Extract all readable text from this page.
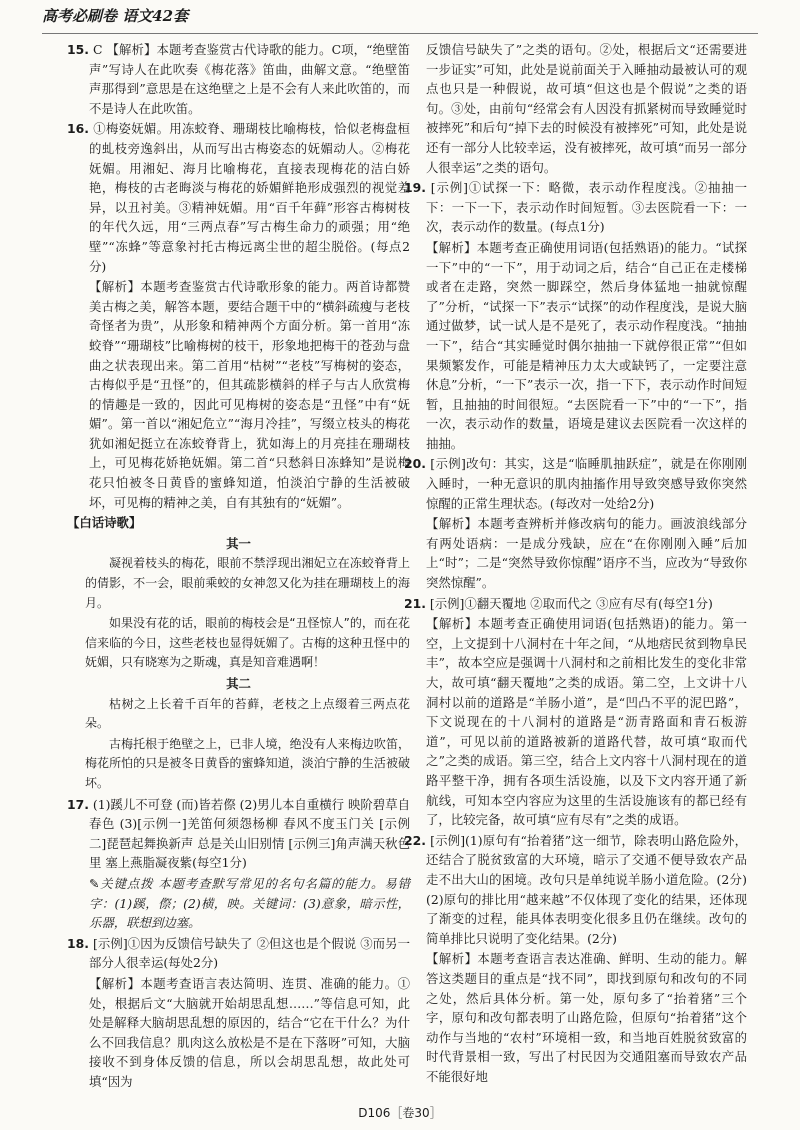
高考必刷卷 语文42套

15. C 【解析】本题考查鉴赏古代诗歌的能力。C项，“绝壁笛声”写诗人在此吹奏《梅花落》笛曲，曲解文意。“绝壁笛声那得到”意思是在这绝壁之上是不会有人来此吹笛的，而不是诗人在此吹笛。

16. ①梅姿妩媚。用冻蛟脊、珊瑚枝比喻梅枝，恰似老梅盘桓的虬枝旁逸斜出，从而写出古梅姿态的妩媚动人。②梅花妩媚。用湘妃、海月比喻梅花，直接表现梅花的洁白娇艳，梅枝的古老晦淡与梅花的娇媚鲜艳形成强烈的视觉差异，以丑衬美。③精神妩媚。用“百千年藓”形容古梅树枝的年代久远，用“三两点春”写古梅生命力的顽强；用“绝壁”“冻蜂”等意象衬托古梅远离尘世的超尘脱俗。(每点2分)

【解析】本题考查鉴赏古代诗歌形象的能力。两首诗都赞美古梅之美，解答本题，要结合题干中的“横斜疏瘦与老枝奇怪者为贵”，从形象和精神两个方面分析。第一首用“冻蛟脊”“珊瑚枝”比喻梅树的枝干，形象地把梅干的苍劲与盘曲之状表现出来。第二首用“枯树”“老枝”写梅树的姿态，古梅似乎是“丑怪”的，但其疏影横斜的样子与古人欣赏梅的情趣是一致的，因此可见梅树的姿态是“丑怪”中有“妩媚”。第一首以“湘妃危立”“海月冷挂”，写缀立枝头的梅花犹如湘妃挺立在冻蛟脊背上，犹如海上的月亮挂在珊瑚枝上，可见梅花娇艳妩媚。第二首“只愁斜日冻蜂知”是说梅花只怕被冬日黄昏的蜜蜂知道，怕淡泊宁静的生活被破坏，可见梅的精神之美，自有其独有的“妩媚”。

【白话诗歌】

其一

凝视着枝头的梅花，眼前不禁浮现出湘妃立在冻蛟脊背上的倩影，不一会，眼前乘蛟的女神忽又化为挂在珊瑚枝上的海月。

如果没有花的话，眼前的梅枝会是“丑怪惊人”的，而在花信来临的今日，这些老枝也显得妩媚了。古梅的这种丑怪中的妩媚，只有晓寒为之斯魂，真是知音难遇啊！

其二

枯树之上长着千百年的苔藓，老枝之上点缀着三两点花朵。

古梅托根于绝壁之上，已非人境，绝没有人来梅边吹笛，梅花所怕的只是被冬日黄昏的蜜蜂知道，淡泊宁静的生活被破坏。

17. (1)蹊儿不可登 (而)皆若傺 (2)男儿本自重横行 映阶碧草自春色 (3)[示例一]羌笛何须怨杨柳 春风不度玉门关 [示例二]琵琶起舞换新声 总是关山旧别情 [示例三]角声满天秋色里 塞上燕脂凝夜紫(每空1分)

✎关键点拨 本题考查默写常见的名句名篇的能力。易错字：(1)蹊，傺；(2)横，映。关键词：(3)意象，暗示性，乐器，联想到边塞。

18. [示例]①因为反馈信号缺失了 ②但这也是个假说 ③而另一部分人很幸运(每处2分)

【解析】本题考查语言表达简明、连贯、准确的能力。①处，根据后文“大脑就开始胡思乱想……”等信息可知，此处是解释大脑胡思乱想的原因的，结合“它在干什么？为什么不回我信息？肌肉这么放松是不是在下落呀”可知，大脑接收不到身体反馈的信息，所以会胡思乱想，故此处可填“因为

反馈信号缺失了”之类的语句。②处，根据后文“还需要进一步证实”可知，此处是说前面关于入睡抽动最被认可的观点也只是一种假说，故可填“但这也是个假说”之类的语句。③处，由前句“经常会有人因没有抓紧树而导致睡觉时被摔死”和后句“掉下去的时候没有被摔死”可知，此处是说还有一部分人比较幸运，没有被摔死，故可填“而另一部分人很幸运”之类的语句。

19. [示例]①试探一下：略微，表示动作程度浅。②抽抽一下：一下一下，表示动作时间短暂。③去医院看一下：一次，表示动作的数量。(每点1分)

【解析】本题考查正确使用词语(包括熟语)的能力。“试探一下”中的“一下”，用于动词之后，结合“自己正在走楼梯或者在走路，突然一脚踩空，然后身体猛地一抽就惊醒了”分析，“试探一下”表示“试探”的动作程度浅，是说大脑通过做梦，试一试人是不是死了，表示动作程度浅。“抽抽一下”，结合“其实睡觉时偶尔抽抽一下就停很正常”“但如果频繁发作，可能是精神压力太大或缺钙了，一定要注意休息”分析，“一下”表示一次，指一下下，表示动作时间短暂，且抽抽的时间很短。“去医院看一下”中的“一下”，指一次，表示动作的数量，语境是建议去医院看一次这样的抽抽。

20. [示例]改句：其实，这是“临睡肌抽跃症”，就是在你刚刚入睡时，一种无意识的肌肉抽搐作用导致突感导致你突然惊醒的正常生理状态。(每改对一处给2分)

【解析】本题考查辨析并修改病句的能力。画波浪线部分有两处语病：一是成分残缺，应在“在你刚刚入睡”后加上“时”；二是“突然导致你惊醒”语序不当，应改为“导致你突然惊醒”。

21. [示例]①翻天覆地 ②取而代之 ③应有尽有(每空1分)

【解析】本题考查正确使用词语(包括熟语)的能力。第一空，上文提到十八洞村在十年之间，“从地痞民贫到物阜民丰”，故本空应是强调十八洞村和之前相比发生的变化非常大，故可填“翻天覆地”之类的成语。第二空，上文讲十八洞村以前的道路是“羊肠小道”，是“凹凸不平的泥巴路”，下文说现在的十八洞村的道路是“沥青路面和青石板游道”，可见以前的道路被新的道路代替，故可填“取而代之”之类的成语。第三空，结合上文内容十八洞村现在的道路平整干净，拥有各项生活设施，以及下文内容开通了新航线，可知本空内容应为这里的生活设施该有的都已经有了，比较完备，故可填“应有尽有”之类的成语。

22. [示例](1)原句有“抬着猪”这一细节，除表明山路危险外，还结合了脱贫致富的大环境，暗示了交通不便导致农产品走不出大山的困境。改句只是单纯说羊肠小道危险。(2分)(2)原句的排比用“越来越”不仅体现了变化的结果，还体现了渐变的过程，能具体表明变化很多且仍在继续。改句的简单排比只说明了变化结果。(2分)

【解析】本题考查语言表达准确、鲜明、生动的能力。解答这类题目的重点是“找不同”，即找到原句和改句的不同之处，然后具体分析。第一处，原句多了“抬着猪”三个字，原句和改句都表明了山路危险，但原句“抬着猪”这个动作与当地的“农村”环境相一致，和当地百姓脱贫致富的时代背景相一致，写出了村民因为交通阻塞而导致农产品不能很好地

D106［卷30］
